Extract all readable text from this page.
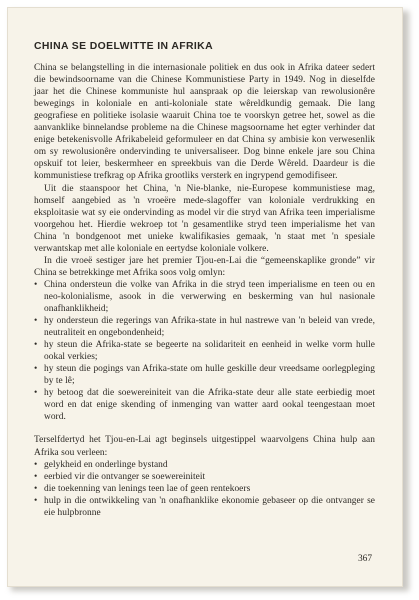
CHINA SE DOELWITTE IN AFRIKA

China se belangstelling in die internasionale politiek en dus ook in Afrika dateer sedert die bewindsoorname van die Chinese Kommunistiese Party in 1949. Nog in dieselfde jaar het die Chinese kommuniste hul aanspraak op die leierskap van rewolusionêre bewegings in koloniale en anti-koloniale state wêreldkundig gemaak. Die lang geografiese en politieke isolasie waaruit China toe te voorskyn getree het, sowel as die aanvanklike binnelandse probleme na die Chinese magsoorname het egter verhinder dat enige betekenisvolle Afrikabeleid geformuleer en dat China sy ambisie kon verwesenlik om sy rewolusionêre ondervinding te universaliseer. Dog binne enkele jare sou China opskuif tot leier, beskermheer en spreekbuis van die Derde Wêreld. Daardeur is die kommunistiese trefkrag op Afrika grootliks versterk en ingrypend gemodifiseer.

Uit die staanspoor het China, 'n Nie-blanke, nie-Europese kommunistiese mag, homself aangebied as 'n vroeëre mede-slagoffer van koloniale verdrukking en eksploitasie wat sy eie ondervinding as model vir die stryd van Afrika teen imperialisme voorgehou het. Hierdie wekroep tot 'n gesamentlike stryd teen imperialisme het van China 'n bondgenoot met unieke kwalifikasies gemaak, 'n staat met 'n spesiale verwantskap met alle koloniale en eertydse koloniale volkere.

In die vroeë sestiger jare het premier Tjou-en-Lai die “gemeenskaplike gronde” vir China se betrekkinge met Afrika soos volg omlyn:

• China ondersteun die volke van Afrika in die stryd teen imperialisme en teen ou en neo-kolonialisme, asook in die verwerwing en beskerming van hul nasionale onafhanklikheid;
• hy ondersteun die regerings van Afrika-state in hul nastrewe van 'n beleid van vrede, neutraliteit en ongebondenheid;
• hy steun die Afrika-state se begeerte na solidariteit en eenheid in welke vorm hulle ookal verkies;
• hy steun die pogings van Afrika-state om hulle geskille deur vreedsame oorlegpleging by te lê;
• hy betoog dat die soewereiniteit van die Afrika-state deur alle state eerbiedig moet word en dat enige skending of inmenging van watter aard ookal teengestaan moet word.

Terselfdertyd het Tjou-en-Lai agt beginsels uitgestippel waarvolgens China hulp aan Afrika sou verleen:

• gelykheid en onderlinge bystand
• eerbied vir die ontvanger se soewereiniteit
• die toekenning van lenings teen lae of geen rentekoers
• hulp in die ontwikkeling van 'n onafhanklike ekonomie gebaseer op die ontvanger se eie hulpbronne
367
